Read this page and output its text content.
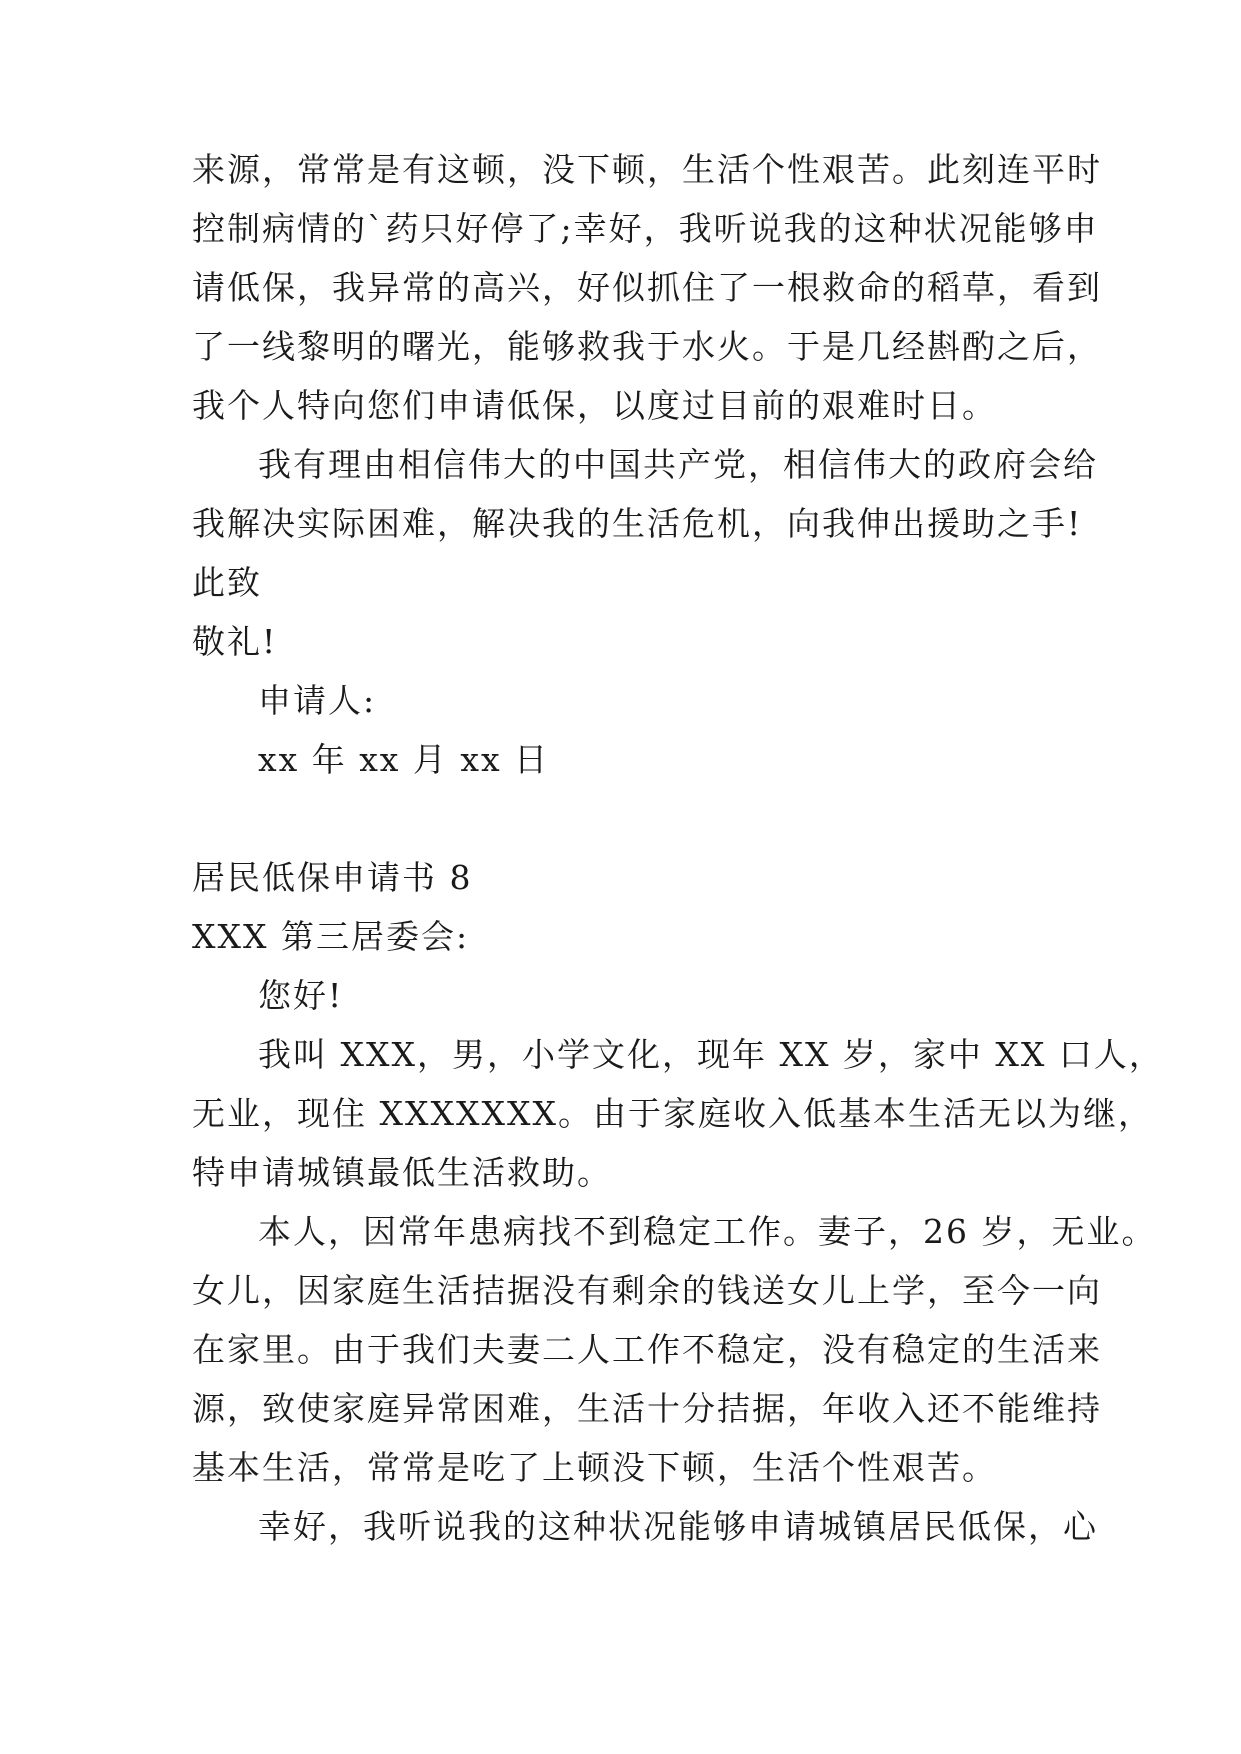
来源，常常是有这顿，没下顿，生活个性艰苦。此刻连平时
控制病情的`药只好停了;幸好，我听说我的这种状况能够申
请低保，我异常的高兴，好似抓住了一根救命的稻草，看到
了一线黎明的曙光，能够救我于水火。于是几经斟酌之后，
我个人特向您们申请低保，以度过目前的艰难时日。
我有理由相信伟大的中国共产党，相信伟大的政府会给
我解决实际困难，解决我的生活危机，向我伸出援助之手!
此致
敬礼!
申请人:
xx 年 xx 月 xx 日
居民低保申请书 8
XXX 第三居委会:
您好!
我叫 XXX，男，小学文化，现年 XX 岁，家中 XX 口人，
无业，现住 XXXXXXX。由于家庭收入低基本生活无以为继，
特申请城镇最低生活救助。
本人，因常年患病找不到稳定工作。妻子，26 岁，无业。
女儿，因家庭生活拮据没有剩余的钱送女儿上学，至今一向
在家里。由于我们夫妻二人工作不稳定，没有稳定的生活来
源，致使家庭异常困难，生活十分拮据，年收入还不能维持
基本生活，常常是吃了上顿没下顿，生活个性艰苦。
幸好，我听说我的这种状况能够申请城镇居民低保，心
